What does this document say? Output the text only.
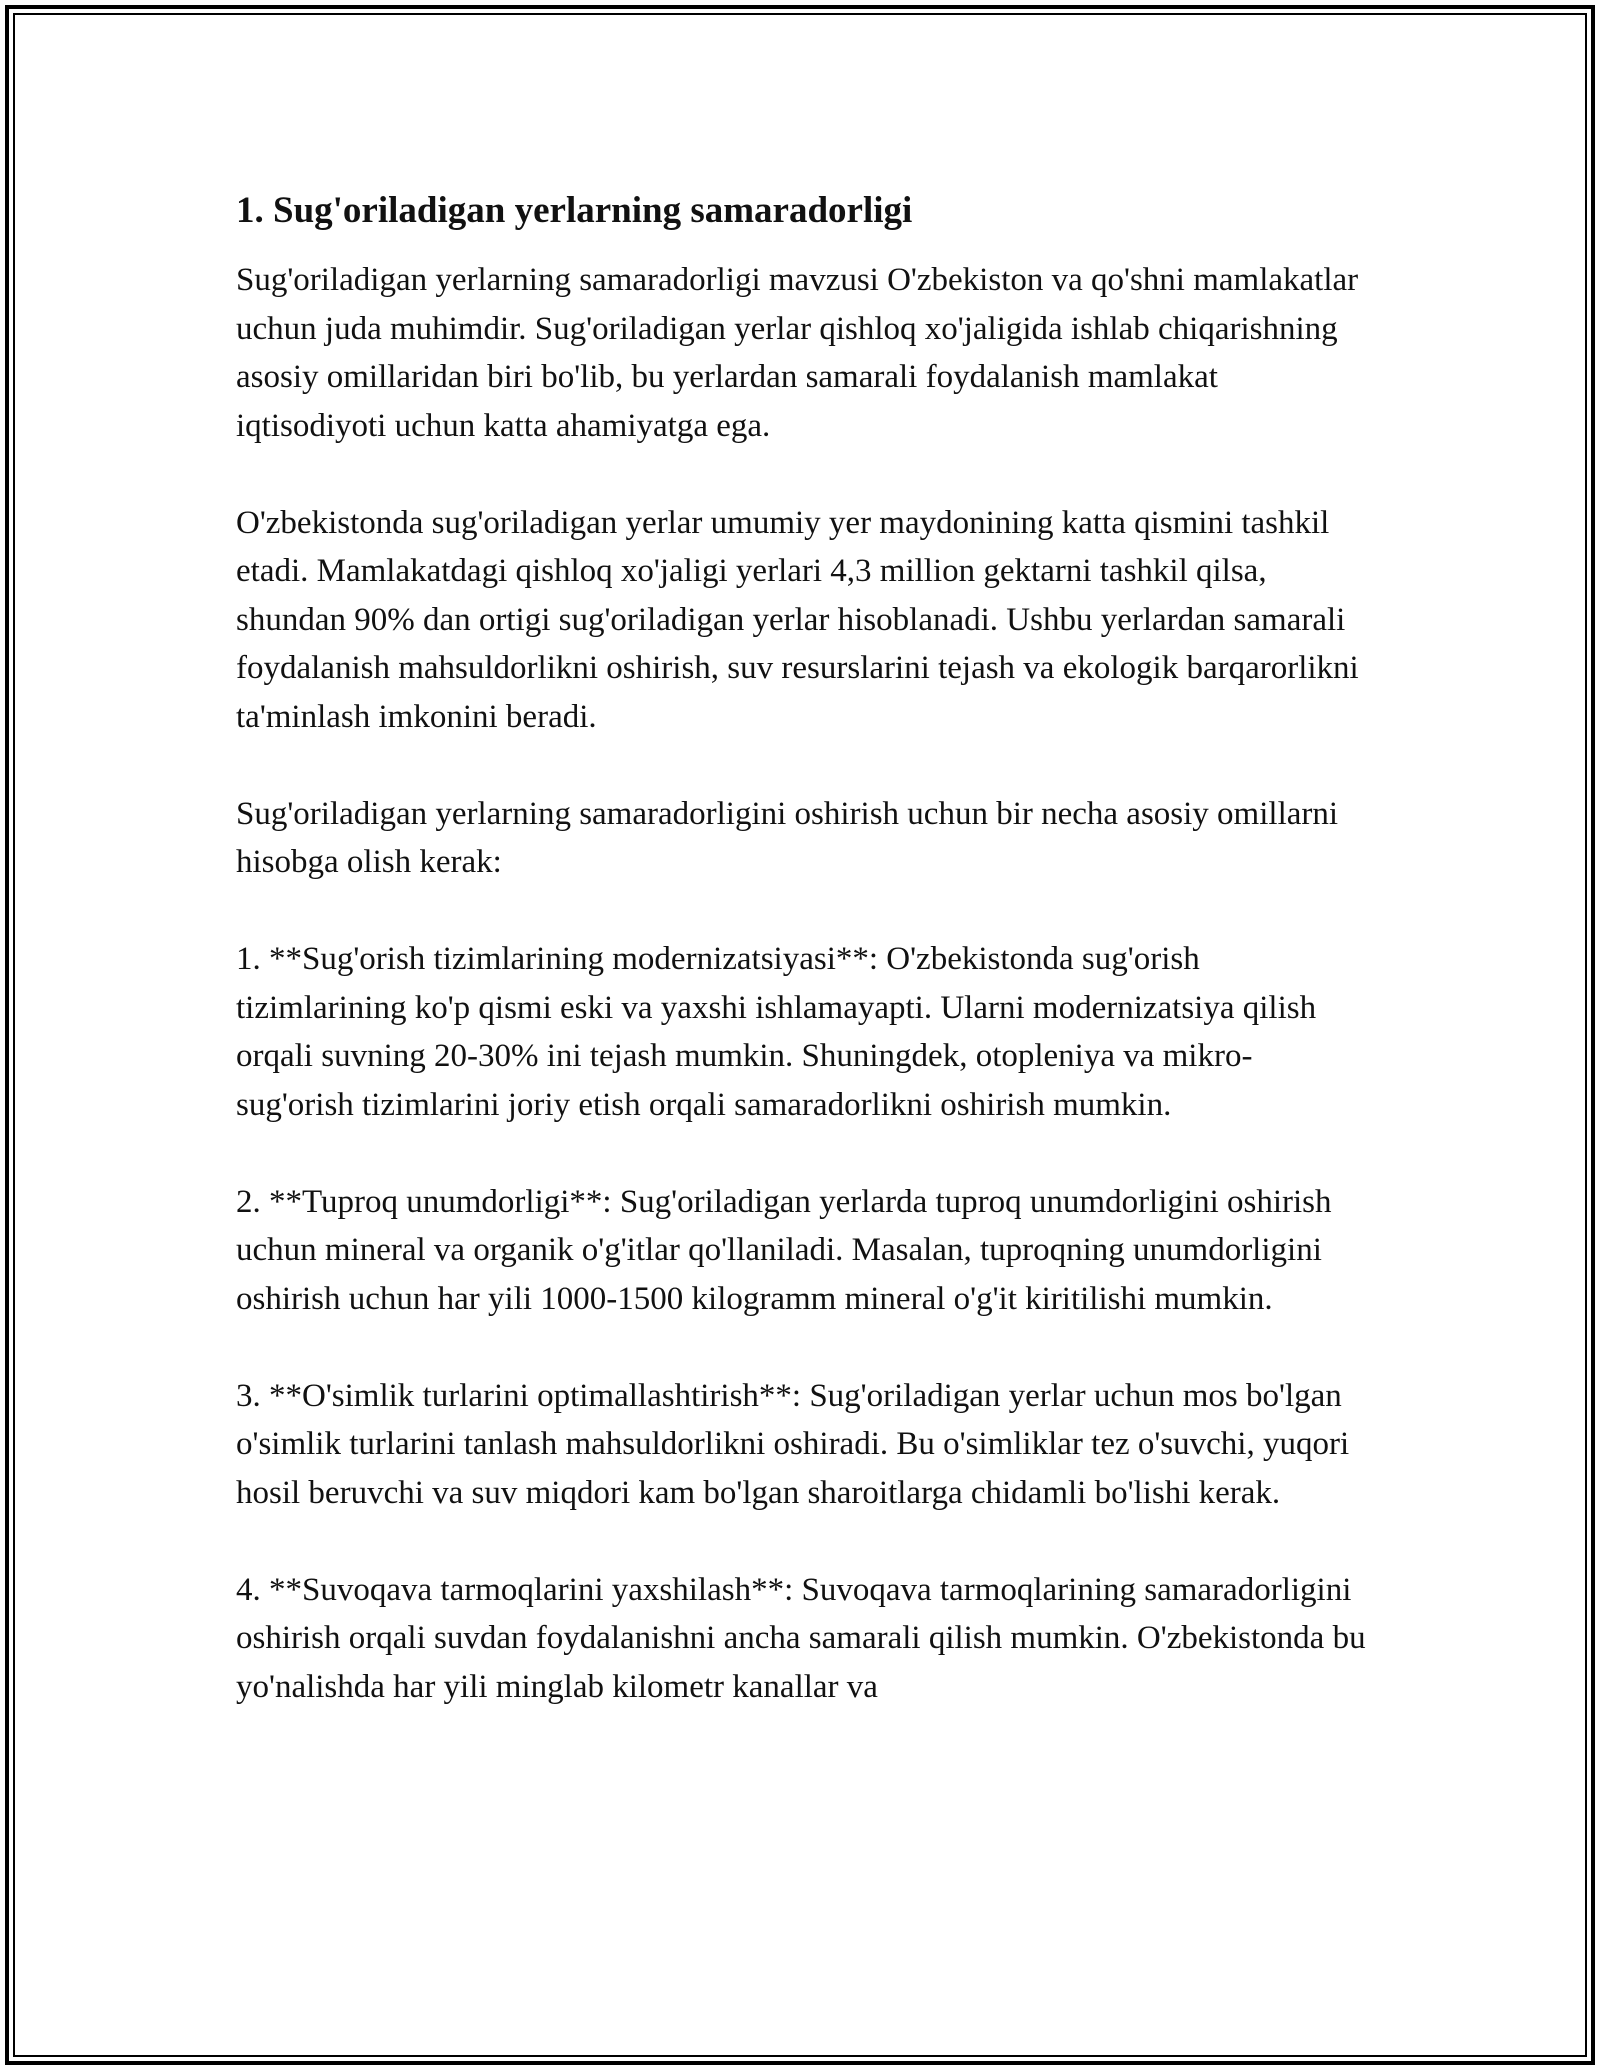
1. Sug'oriladigan yerlarning samaradorligi

Sug'oriladigan yerlarning samaradorligi mavzusi O'zbekiston va qo'shni mamlakatlar uchun juda muhimdir. Sug'oriladigan yerlar qishloq xo'jaligida ishlab chiqarishning asosiy omillaridan biri bo'lib, bu yerlardan samarali foydalanish mamlakat iqtisodiyoti uchun katta ahamiyatga ega.

O'zbekistonda sug'oriladigan yerlar umumiy yer maydonining katta qismini tashkil etadi. Mamlakatdagi qishloq xo'jaligi yerlari 4,3 million gektarni tashkil qilsa, shundan 90% dan ortigi sug'oriladigan yerlar hisoblanadi. Ushbu yerlardan samarali foydalanish mahsuldorlikni oshirish, suv resurslarini tejash va ekologik barqarorlikni ta'minlash imkonini beradi.

Sug'oriladigan yerlarning samaradorligini oshirish uchun bir necha asosiy omillarni hisobga olish kerak:

1. **Sug'orish tizimlarining modernizatsiyasi**: O'zbekistonda sug'orish tizimlarining ko'p qismi eski va yaxshi ishlamayapti. Ularni modernizatsiya qilish orqali suvning 20-30% ini tejash mumkin. Shuningdek, otopleniya va mikro-sug'orish tizimlarini joriy etish orqali samaradorlikni oshirish mumkin.

2. **Tuproq unumdorligi**: Sug'oriladigan yerlarda tuproq unumdorligini oshirish uchun mineral va organik o'g'itlar qo'llaniladi. Masalan, tuproqning unumdorligini oshirish uchun har yili 1000-1500 kilogramm mineral o'g'it kiritilishi mumkin.

3. **O'simlik turlarini optimallashtirish**: Sug'oriladigan yerlar uchun mos bo'lgan o'simlik turlarini tanlash mahsuldorlikni oshiradi. Bu o'simliklar tez o'suvchi, yuqori hosil beruvchi va suv miqdori kam bo'lgan sharoitlarga chidamli bo'lishi kerak.

4. **Suvoqava tarmoqlarini yaxshilash**: Suvoqava tarmoqlarining samaradorligini oshirish orqali suvdan foydalanishni ancha samarali qilish mumkin. O'zbekistonda bu yo'nalishda har yili minglab kilometr kanallar va
